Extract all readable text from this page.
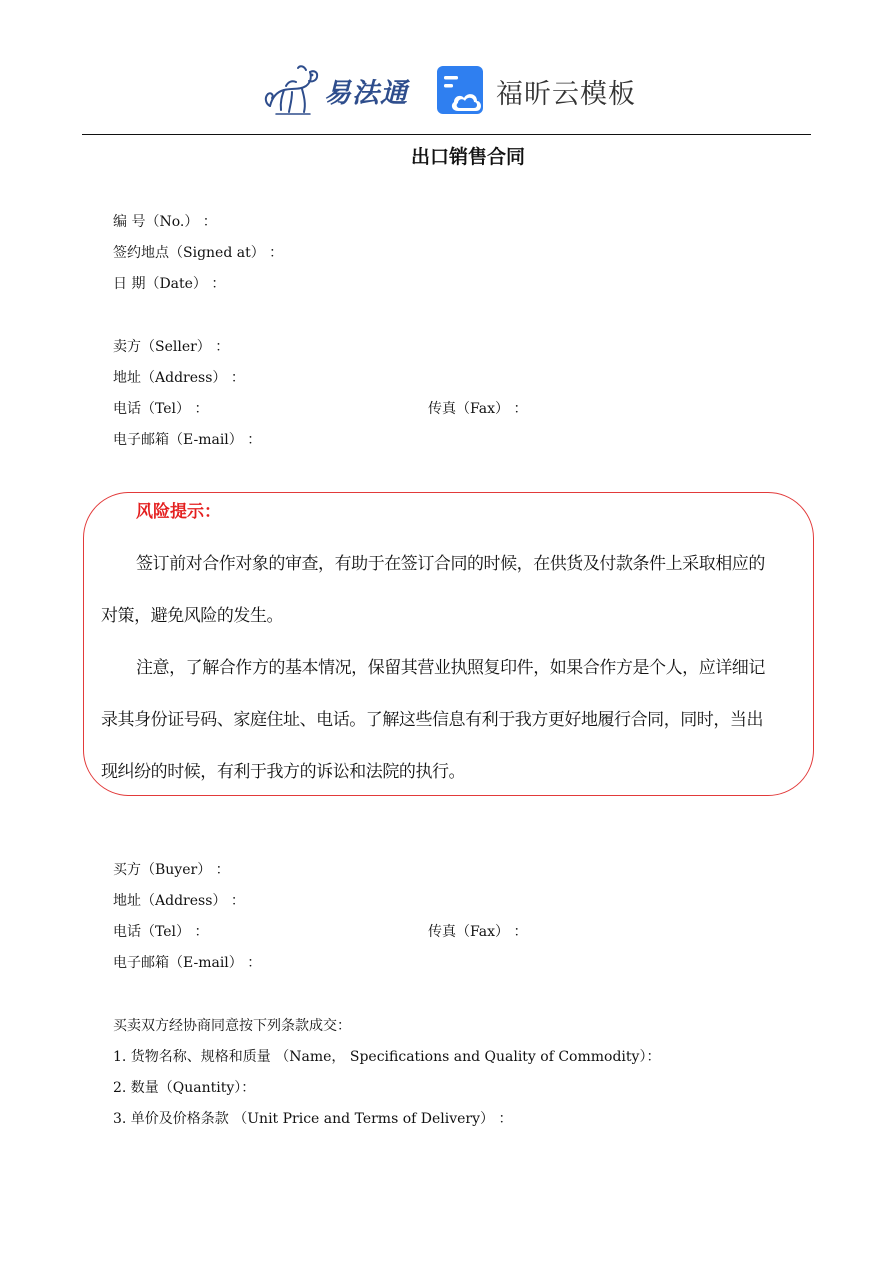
易法通	福昕云模板
出口销售合同
编 号（No.） ：
签约地点（Signed at） ：
日 期（Date） ：
卖方（Seller） ：
地址（Address） ：
电话（Tel） ：	传真（Fax） ：
电子邮箱（E-mail） ：
风险提示：
签订前对合作对象的审查，有助于在签订合同的时候，在供货及付款条件上采取相应的
对策，避免风险的发生。
注意，了解合作方的基本情况，保留其营业执照复印件，如果合作方是个人，应详细记
录其身份证号码、家庭住址、电话。了解这些信息有利于我方更好地履行合同，同时，当出
现纠纷的时候，有利于我方的诉讼和法院的执行。
买方（Buyer） ：
地址（Address） ：
电话（Tel） ：	传真（Fax） ：
电子邮箱（E-mail） ：
买卖双方经协商同意按下列条款成交：
1. 货物名称、规格和质量 （Name， Specifications and Quality of Commodity）：
2. 数量（Quantity）：
3. 单价及价格条款 （Unit Price and Terms of Delivery） ：
